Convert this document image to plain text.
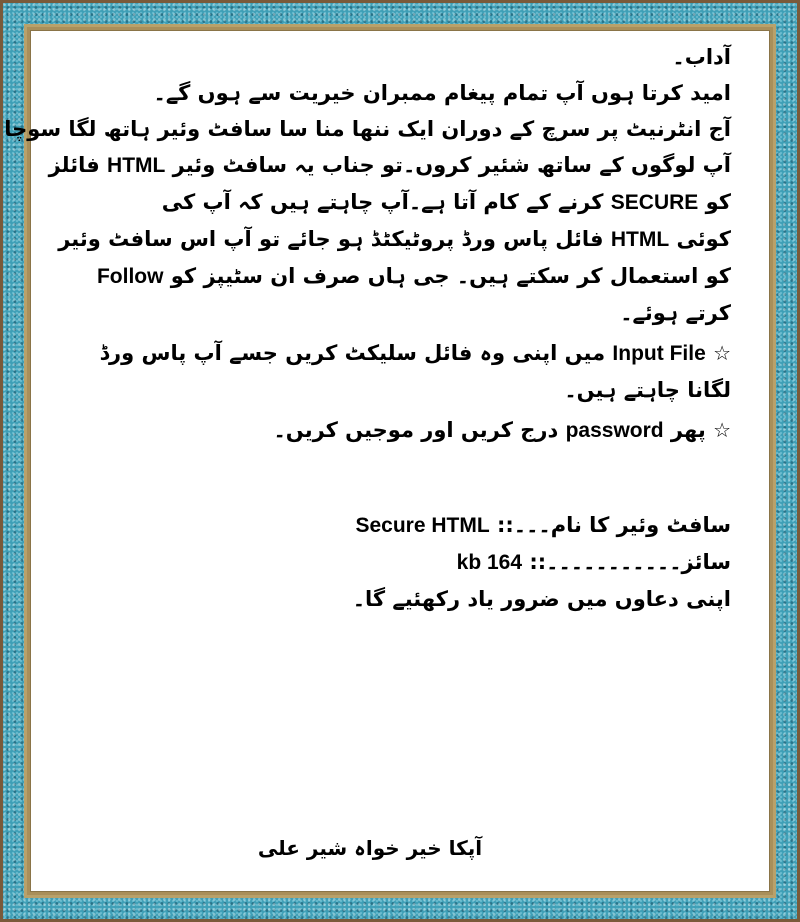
آداب۔
امید کرتا ہوں آپ تمام پیغام ممبران خیریت سے ہوں گے۔
آج انٹرنیٹ پر سرچ کے دوران ایک ننھا منا سا سافٹ وئیر ہاتھ لگا سوچا
آپ لوگوں کے ساتھ شئیر کروں۔تو جناب یہ سافٹ وئیر HTML فائلز
کو SECURE کرنے کے کام آتا ہے۔آپ چاہتے ہیں کہ آپ کی
کوئی HTML فائل پاس ورڈ پروٹیکٹڈ ہو جائے تو آپ اس سافٹ وئیر
کو استعمال کر سکتے ہیں۔ جی ہاں صرف ان سٹیپز کو Follow
کرتے ہوئے۔
☆ Input File میں اپنی وہ فائل سلیکٹ کریں جسے آپ پاس ورڈ
لگانا چاہتے ہیں۔
☆ پھر password درج کریں اور موجیں کریں۔
سافٹ وئیر کا نام۔۔۔:: Secure HTML
سائز۔۔۔۔۔۔۔۔۔۔۔:: 164 kb
اپنی دعاوں میں ضرور یاد رکھئیے گا۔
آپکا خیر خواہ شیر علی
